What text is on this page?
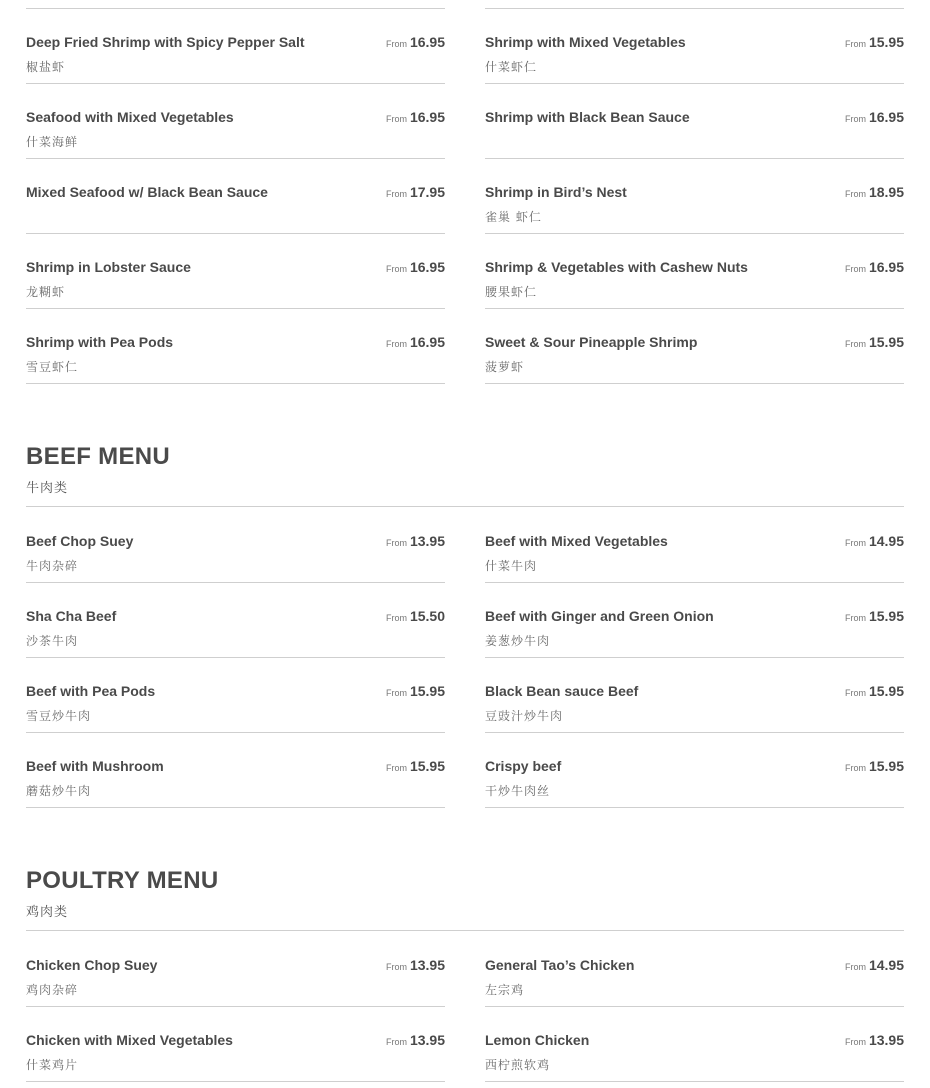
Deep Fried Shrimp with Spicy Pepper Salt
椒盐虾
From 16.95	Shrimp with Mixed Vegetables
什菜虾仁
From 15.95
Seafood with Mixed Vegetables
什菜海鲜
From 16.95	Shrimp with Black Bean Sauce	From 16.95
Mixed Seafood w/ Black Bean Sauce	From 17.95	Shrimp in Bird’s Nest
雀巢 虾仁
From 18.95
Shrimp in Lobster Sauce
龙糊虾
From 16.95	Shrimp & Vegetables with Cashew Nuts
腰果虾仁
From 16.95
Shrimp with Pea Pods
雪豆虾仁
From 16.95	Sweet & Sour Pineapple Shrimp
菠萝虾
From 15.95
BEEF MENU
牛肉类
Beef Chop Suey
牛肉杂碎
From 13.95	Beef with Mixed Vegetables
什菜牛肉
From 14.95
Sha Cha Beef
沙茶牛肉
From 15.50	Beef with Ginger and Green Onion
姜葱炒牛肉
From 15.95
Beef with Pea Pods
雪豆炒牛肉
From 15.95	Black Bean sauce Beef
豆豉汁炒牛肉
From 15.95
Beef with Mushroom
蘑菇炒牛肉
From 15.95	Crispy beef
干炒牛肉丝
From 15.95
POULTRY MENU
鸡肉类
Chicken Chop Suey
鸡肉杂碎
From 13.95	General Tao’s Chicken
左宗鸡
From 14.95
Chicken with Mixed Vegetables
什菜鸡片
From 13.95	Lemon Chicken
西柠煎软鸡
From 13.95
